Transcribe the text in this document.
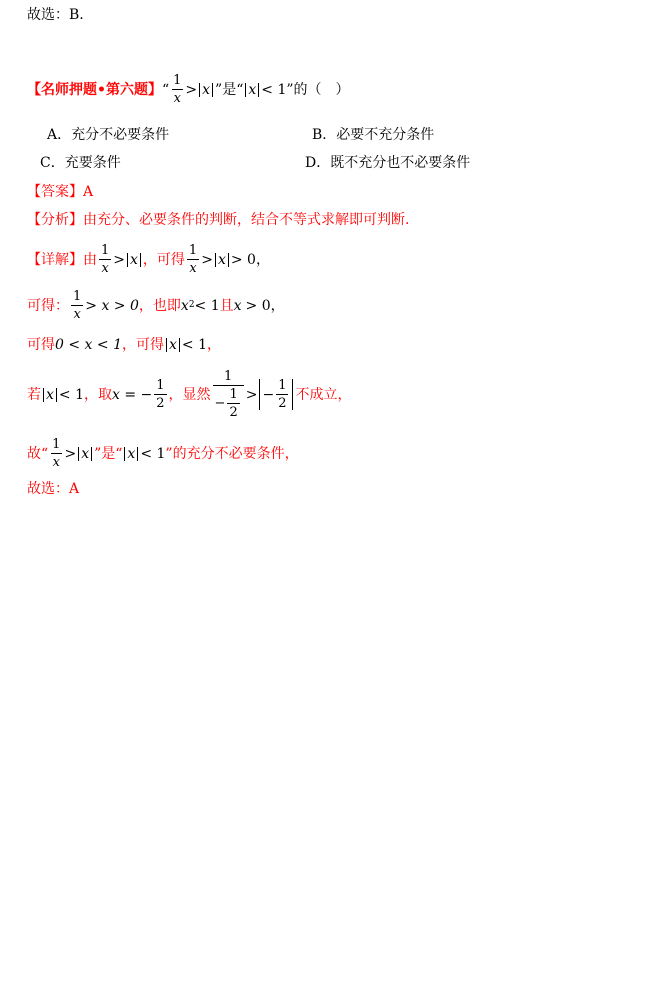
故选：B.
【名师押题•第六题】 “ $\frac{1}{x} > x$ ”是“ x < 1 ”的（　）
A．充分不必要条件	B．必要不充分条件
C．充要条件	D．既不充分也不必要条件
【答案】 A
【分析】 由充分、必要条件的判断，结合不等式求解即可判断.
【详解】 由 $\frac{1}{x} > x$ ，可得 $\frac{1}{x} > x > 0$ ，
可得： $\frac{1}{x} > x > 0$ ，也即 x 2 < 1 且 x > 0 ，
可得 0 < x < 1 ，可得 x < 1 ，
若 x < 1 ，取 x = − $\frac{1}{2}$ ，显然 $\frac{1}{- \frac{1}{2}}$ > − $\frac{1}{2}$ 不成立，
故“ $\frac{1}{x} > x$ ”是“ x < 1 ”的充分不必要条件，
故选：A
